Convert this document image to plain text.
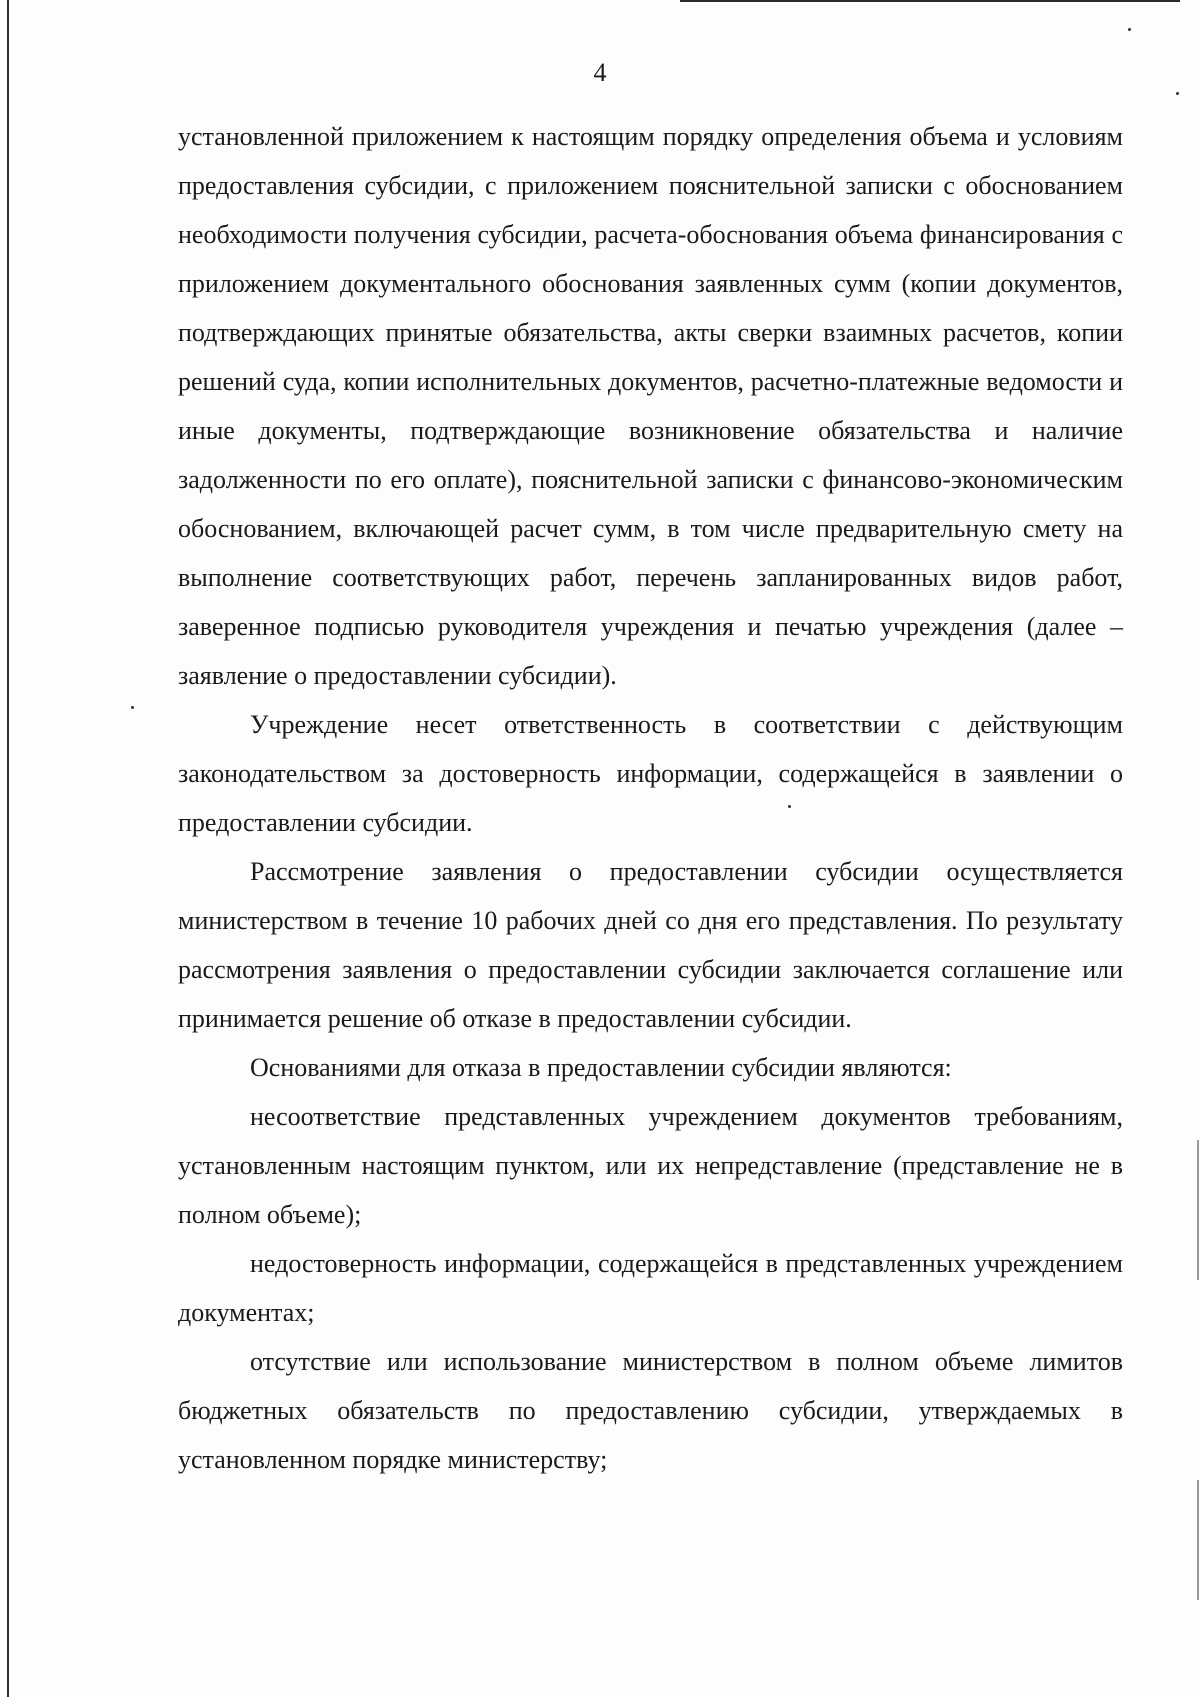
4

установленной приложением к настоящим порядку определения объема и условиям предоставления субсидии, с приложением пояснительной записки с обоснованием необходимости получения субсидии, расчета-обоснования объема финансирования с приложением документального обоснования заявленных сумм (копии документов, подтверждающих принятые обязательства, акты сверки взаимных расчетов, копии решений суда, копии исполнительных документов, расчетно-платежные ведомости и иные документы, подтверждающие возникновение обязательства и наличие задолженности по его оплате), пояснительной записки с финансово-экономическим обоснованием, включающей расчет сумм, в том числе предварительную смету на выполнение соответствующих работ, перечень запланированных видов работ, заверенное подписью руководителя учреждения и печатью учреждения (далее – заявление о предоставлении субсидии).

Учреждение несет ответственность в соответствии с действующим законодательством за достоверность информации, содержащейся в заявлении о предоставлении субсидии.

Рассмотрение заявления о предоставлении субсидии осуществляется министерством в течение 10 рабочих дней со дня его представления. По результату рассмотрения заявления о предоставлении субсидии заключается соглашение или принимается решение об отказе в предоставлении субсидии.

Основаниями для отказа в предоставлении субсидии являются:

несоответствие представленных учреждением документов требованиям, установленным настоящим пунктом, или их непредставление (представление не в полном объеме);

недостоверность информации, содержащейся в представленных учреждением документах;

отсутствие или использование министерством в полном объеме лимитов бюджетных обязательств по предоставлению субсидии, утверждаемых в установленном порядке министерству;
